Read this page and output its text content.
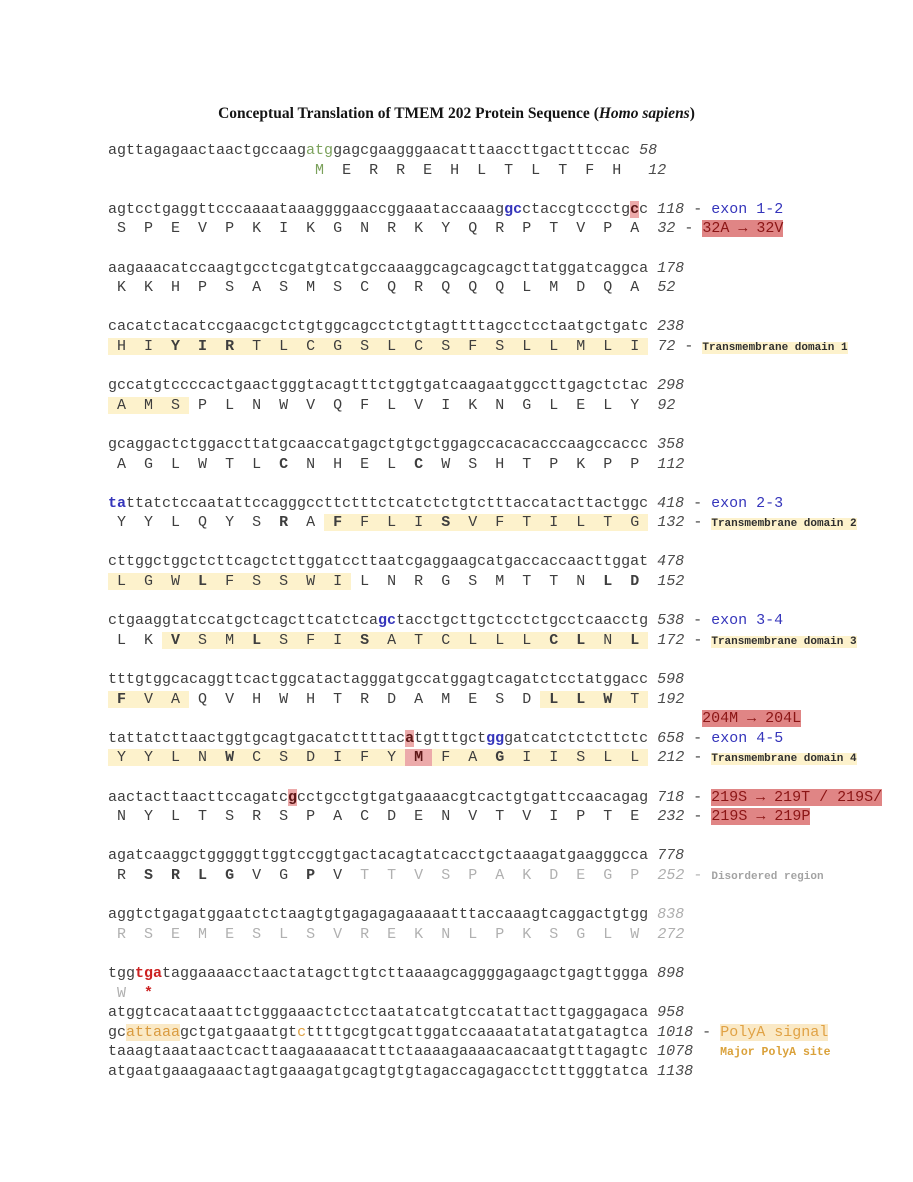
Conceptual Translation of TMEM 202 Protein Sequence (Homo sapiens)
agttagagaactaactgccaagatggagcgaagggaacatttaaccttgactttccac 58
M  E  R  R  E  H  L  T  L  T  F  H   12

agtcctgaggttcccaaaataaaggggaaccggaaataccaaaggcctaccgtccctgcc 118 - exon 1-2
S  P  E  V  P  K  I  K  G  N  R  K  Y  Q  R  P  T  V  P  A  32 - 32A → 32V

aagaaacatccaagtgcctcgatgtcatgccaaaggcagcagcagcttatggatcaggca 178
K  K  H  P  S  A  S  M  S  C  Q  R  Q  Q  Q  L  M  D  Q  A  52

cacatctacatccgaacgctctgtggcagcctctgtagttttagcctcctaatgctgatc 238
H  I  Y  I  R  T  L  C  G  S  L  C  S  F  S  L  L  M  L  I  72 - Transmembrane domain 1

gccatgtccccactgaactgggtacagtttctggtgatcaagaatggccttgagctctac 298
A  M  S  P  L  N  W  V  Q  F  L  V  I  K  N  G  L  E  L  Y  92

gcaggactctggaccttatgcaaccatgagctgtgctggagccacacacccaagccaccc 358
A  G  L  W  T  L  C  N  H  E  L  C  W  S  H  T  P  K  P  P  112

tattatctccaatattccagggccttctttctcatctctgtctttaccatacttactggc 418 - exon 2-3
Y  Y  L  Q  Y  S  R  A  F  F  L  I  S  V  F  T  I  L  T  G  132 - Transmembrane domain 2

cttggctggctcttcagctcttggatccttaatcgaggaagcatgaccaccaacttggat 478
L  G  W  L  F  S  S  W  I  L  N  R  G  S  M  T  T  N  L  D  152

ctgaaggtatccatgctcagcttcatctcagctacctgcttgctcctctgcctcaacctg 538 - exon 3-4
L  K  V  S  M  L  S  F  I  S  A  T  C  L  L  L  C  L  N  L  172 - Transmembrane domain 3

tttgtggcacaggttcactggcatactagggatgccatggagtcagatctcctatggacc 598
F  V  A  Q  V  H  W  H  T  R  D  A  M  E  S  D  L  L  W  T  192
204M → 204L
tattatcttaactggtgcagtgacatcttttacatgtttgctgggatcatctctcttctc 658 - exon 4-5
Y  Y  L  N  W  C  S  D  I  F  Y  M  F  A  G  I  I  S  L  L  212 - Transmembrane domain 4

aactacttaacttccagatcgcctgcctgtgatgaaaacgtcactgtgattccaacagag 718 - 219S → 219T / 219S/
N  Y  L  T  S  R  S  P  A  C  D  E  N  V  T  V  I  P  T  E  232 - 219S → 219P

agatcaaggctgggggttggtccggtgactacagtatcacctgctaaagatgaagggcca 778
R  S  R  L  G  V  G  P  V  T  T  V  S  P  A  K  D  E  G  P  252 - Disordered region

aggtctgagatggaatctctaagtgtgagagagaaaaatttaccaaagtcaggactgtgg 838
R  S  E  M  E  S  L  S  V  R  E  K  N  L  P  K  S  G  L  W  272

tggtgataggaaaacctaactatagcttgtcttaaaagcaggggagaagctgagttggga 898
W  *
atggtcacataaattctgggaaactctcctaatatcatgtccatattacttgaggagaca 958
gcattaaagctgatgaaatgtcttttgcgtgcattggatccaaaatatatatgatagtca 1018 - PolyA signal
taaagtaaataactcacttaagaaaaacatttctaaaagaaaacaacaatgtttagagtc 1078 Major PolyA site
atgaatgaaagaaactagtgaaagatgcagtgtgtagaccagagacctctttgggtatca 1138
